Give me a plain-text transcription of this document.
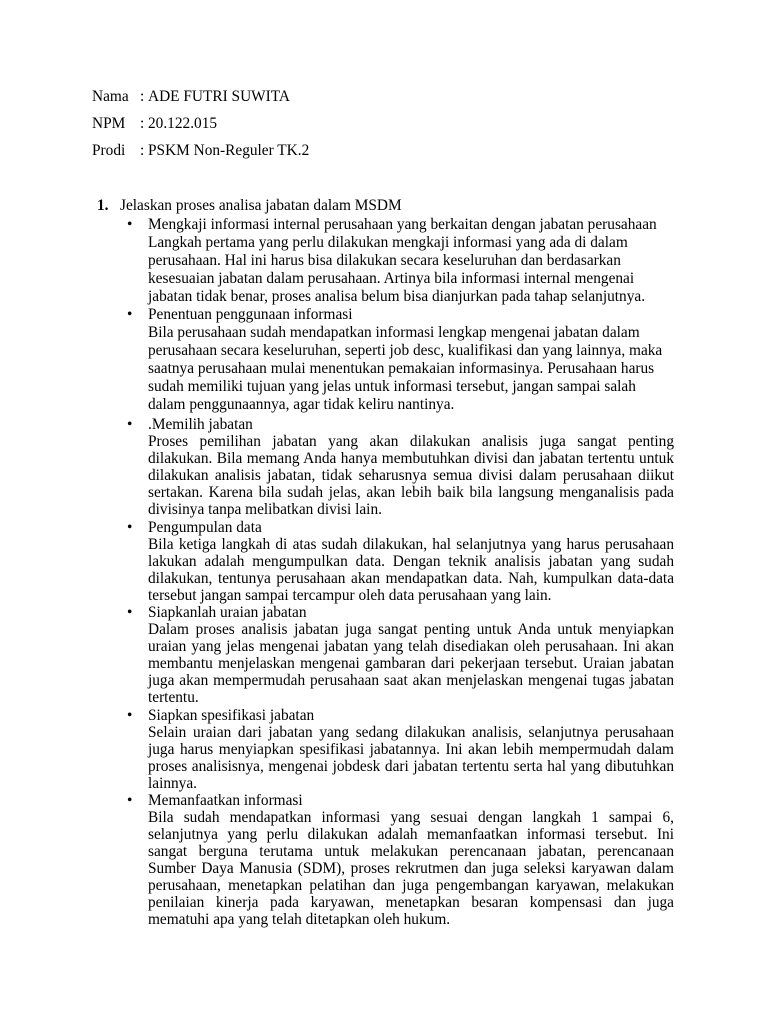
Nama : ADE FUTRI SUWITA
NPM : 20.122.015
Prodi : PSKM Non-Reguler TK.2
1. Jelaskan proses analisa jabatan dalam MSDM
• Mengkaji informasi internal perusahaan yang berkaitan dengan jabatan perusahaan
Langkah pertama yang perlu dilakukan mengkaji informasi yang ada di dalam
perusahaan. Hal ini harus bisa dilakukan secara keseluruhan dan berdasarkan
kesesuaian jabatan dalam perusahaan. Artinya bila informasi internal mengenai
jabatan tidak benar, proses analisa belum bisa dianjurkan pada tahap selanjutnya.
• Penentuan penggunaan informasi
Bila perusahaan sudah mendapatkan informasi lengkap mengenai jabatan dalam
perusahaan secara keseluruhan, seperti job desc, kualifikasi dan yang lainnya, maka
saatnya perusahaan mulai menentukan pemakaian informasinya. Perusahaan harus
sudah memiliki tujuan yang jelas untuk informasi tersebut, jangan sampai salah
dalam penggunaannya, agar tidak keliru nantinya.
• .Memilih jabatan
Proses pemilihan jabatan yang akan dilakukan analisis juga sangat penting
dilakukan. Bila memang Anda hanya membutuhkan divisi dan jabatan tertentu untuk
dilakukan analisis jabatan, tidak seharusnya semua divisi dalam perusahaan diikut
sertakan. Karena bila sudah jelas, akan lebih baik bila langsung menganalisis pada
divisinya tanpa melibatkan divisi lain.
• Pengumpulan data
Bila ketiga langkah di atas sudah dilakukan, hal selanjutnya yang harus perusahaan
lakukan adalah mengumpulkan data. Dengan teknik analisis jabatan yang sudah
dilakukan, tentunya perusahaan akan mendapatkan data. Nah, kumpulkan data-data
tersebut jangan sampai tercampur oleh data perusahaan yang lain.
• Siapkanlah uraian jabatan
Dalam proses analisis jabatan juga sangat penting untuk Anda untuk menyiapkan
uraian yang jelas mengenai jabatan yang telah disediakan oleh perusahaan. Ini akan
membantu menjelaskan mengenai gambaran dari pekerjaan tersebut. Uraian jabatan
juga akan mempermudah perusahaan saat akan menjelaskan mengenai tugas jabatan
tertentu.
• Siapkan spesifikasi jabatan
Selain uraian dari jabatan yang sedang dilakukan analisis, selanjutnya perusahaan
juga harus menyiapkan spesifikasi jabatannya. Ini akan lebih mempermudah dalam
proses analisisnya, mengenai jobdesk dari jabatan tertentu serta hal yang dibutuhkan
lainnya.
• Memanfaatkan informasi
Bila sudah mendapatkan informasi yang sesuai dengan langkah 1 sampai 6,
selanjutnya yang perlu dilakukan adalah memanfaatkan informasi tersebut. Ini
sangat berguna terutama untuk melakukan perencanaan jabatan, perencanaan
Sumber Daya Manusia (SDM), proses rekrutmen dan juga seleksi karyawan dalam
perusahaan, menetapkan pelatihan dan juga pengembangan karyawan, melakukan
penilaian kinerja pada karyawan, menetapkan besaran kompensasi dan juga
mematuhi apa yang telah ditetapkan oleh hukum.
